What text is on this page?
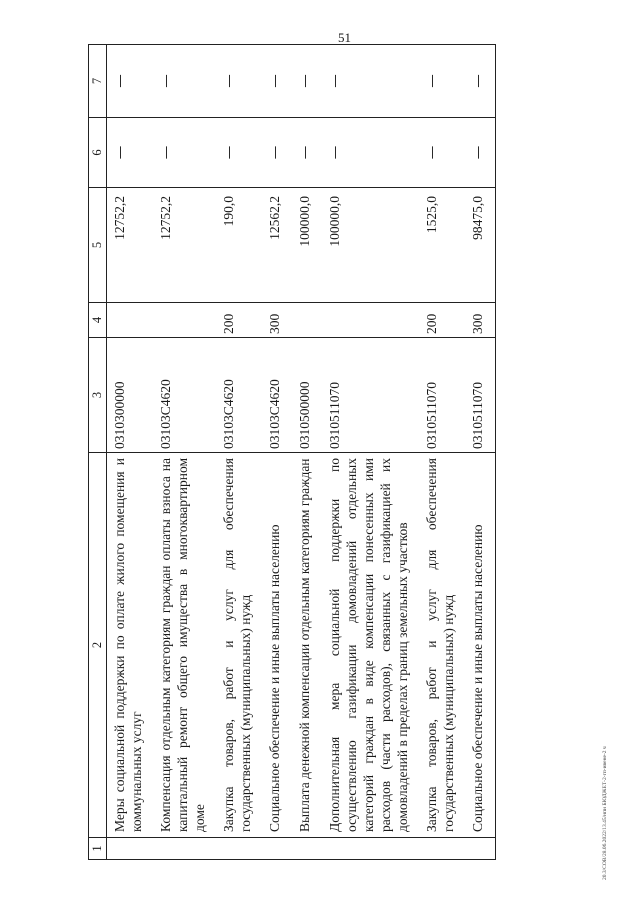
51
20.3/СОВ/28.06.2022/13.45/нпи БЮДЖЕТ-2-гп-ивене-2 ч
1	2	3	4	5	6	7
	Меры социальной поддержки по оплате жилого помещения и коммунальных услуг	0310300000		12752,2	—	—
	Компенсация отдельным категориям граждан оплаты взноса на капитальный ремонт общего имущества в многоквартирном доме	03103С4620		12752,2	—	—
	Закупка товаров, работ и услуг для обеспечения государственных (муниципальных) нужд	03103С4620	200	190,0	—	—
	Социальное обеспечение и иные выплаты населению	03103С4620	300	12562,2	—	—
	Выплата денежной компенсации отдельным категориям граждан	0310500000		100000,0	—	—
	Дополнительная мера социальной поддержки по осуществлению газификации домовладений отдельных категорий граждан в виде компенсации понесенных ими расходов (части расходов), связанных с газификацией их домовладений в пределах границ земельных участков	0310511070		100000,0	—	—
	Закупка товаров, работ и услуг для обеспечения государственных (муниципальных) нужд	0310511070	200	1525,0	—	—
	Социальное обеспечение и иные выплаты населению	0310511070	300	98475,0	—	—
